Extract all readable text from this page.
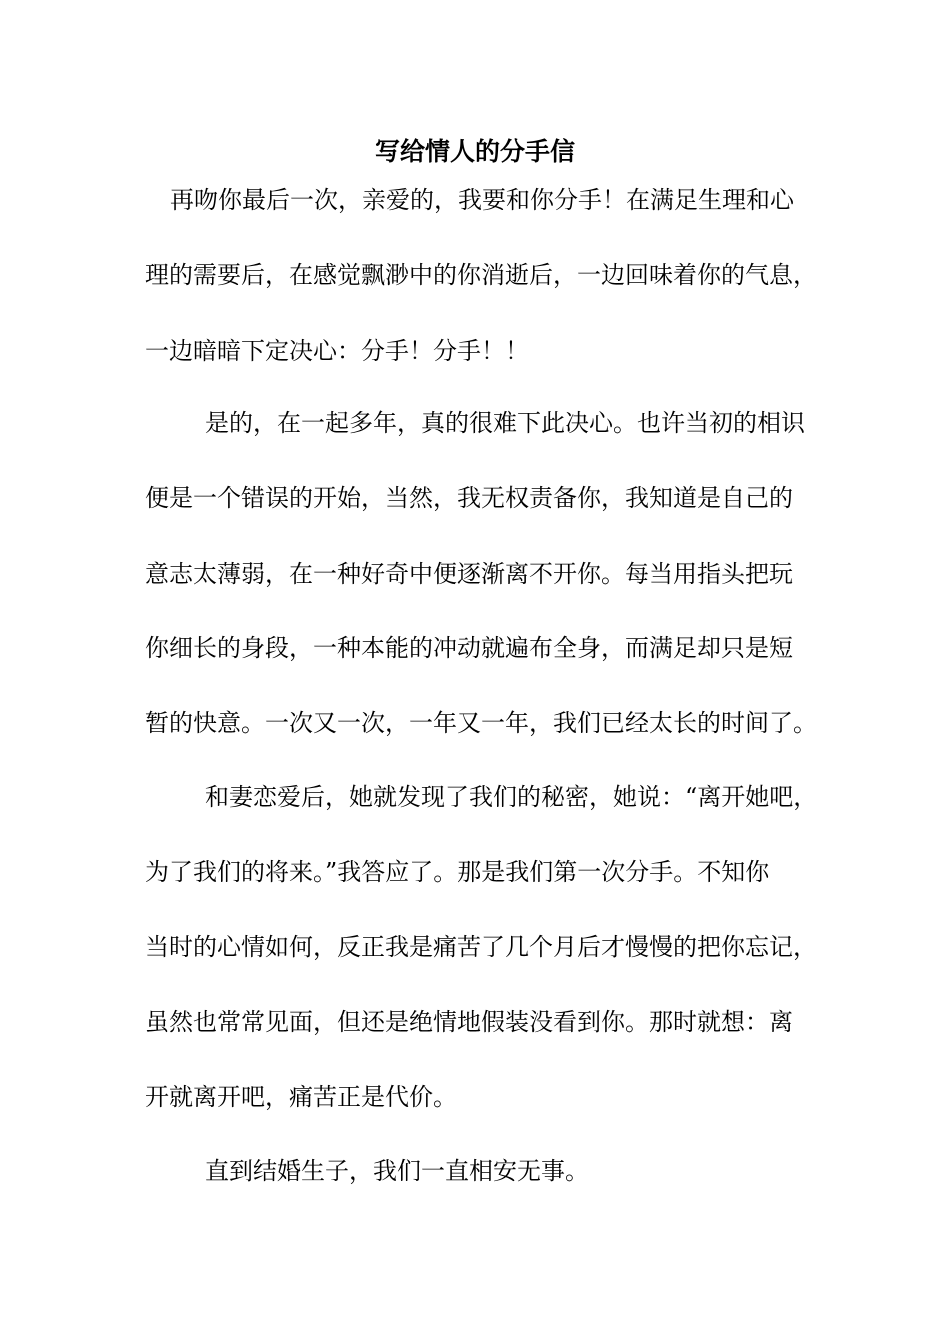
写给情人的分手信
再吻你最后一次，亲爱的，我要和你分手！在满足生理和心
理的需要后，在感觉飘渺中的你消逝后，一边回味着你的气息，
一边暗暗下定决心：分手！分手！！
是的，在一起多年，真的很难下此决心。也许当初的相识
便是一个错误的开始，当然，我无权责备你，我知道是自己的
意志太薄弱，在一种好奇中便逐渐离不开你。每当用指头把玩
你细长的身段，一种本能的冲动就遍布全身，而满足却只是短
暂的快意。一次又一次，一年又一年，我们已经太长的时间了。
和妻恋爱后，她就发现了我们的秘密，她说：“离开她吧，
为了我们的将来。”我答应了。那是我们第一次分手。不知你
当时的心情如何，反正我是痛苦了几个月后才慢慢的把你忘记，
虽然也常常见面，但还是绝情地假装没看到你。那时就想：离
开就离开吧，痛苦正是代价。
直到结婚生子，我们一直相安无事。
